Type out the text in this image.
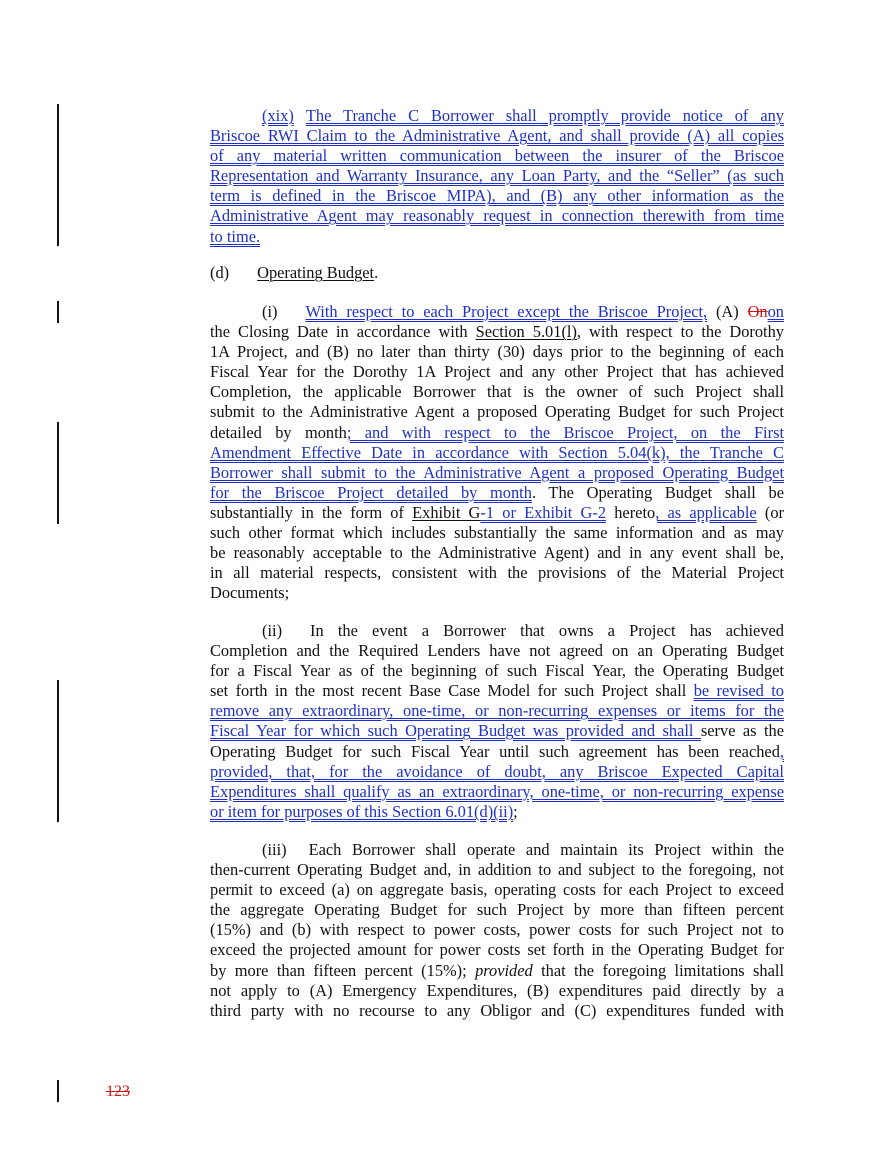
(xix) The Tranche C Borrower shall promptly provide notice of any
Briscoe RWI Claim to the Administrative Agent, and shall provide (A) all copies
of any material written communication between the insurer of the Briscoe
Representation and Warranty Insurance, any Loan Party, and the “Seller” (as such
term is defined in the Briscoe MIPA), and (B) any other information as the
Administrative Agent may reasonably request in connection therewith from time
to time.
(d) Operating Budget.
(i) With respect to each Project except the Briscoe Project, (A) Onon
the Closing Date in accordance with Section 5.01(l), with respect to the Dorothy
1A Project, and (B) no later than thirty (30) days prior to the beginning of each
Fiscal Year for the Dorothy 1A Project and any other Project that has achieved
Completion, the applicable Borrower that is the owner of such Project shall
submit to the Administrative Agent a proposed Operating Budget for such Project
detailed by month; and with respect to the Briscoe Project, on the First
Amendment Effective Date in accordance with Section 5.04(k), the Tranche C
Borrower shall submit to the Administrative Agent a proposed Operating Budget
for the Briscoe Project detailed by month. The Operating Budget shall be
substantially in the form of Exhibit G-1 or Exhibit G-2 hereto, as applicable (or
such other format which includes substantially the same information and as may
be reasonably acceptable to the Administrative Agent) and in any event shall be,
in all material respects, consistent with the provisions of the Material Project
Documents;
(ii) In the event a Borrower that owns a Project has achieved
Completion and the Required Lenders have not agreed on an Operating Budget
for a Fiscal Year as of the beginning of such Fiscal Year, the Operating Budget
set forth in the most recent Base Case Model for such Project shall be revised to
remove any extraordinary, one-time, or non-recurring expenses or items for the
Fiscal Year for which such Operating Budget was provided and shall serve as the
Operating Budget for such Fiscal Year until such agreement has been reached,
provided, that, for the avoidance of doubt, any Briscoe Expected Capital
Expenditures shall qualify as an extraordinary, one-time, or non-recurring expense
or item for purposes of this Section 6.01(d)(ii);
(iii) Each Borrower shall operate and maintain its Project within the
then-current Operating Budget and, in addition to and subject to the foregoing, not
permit to exceed (a) on aggregate basis, operating costs for each Project to exceed
the aggregate Operating Budget for such Project by more than fifteen percent
(15%) and (b) with respect to power costs, power costs for such Project not to
exceed the projected amount for power costs set forth in the Operating Budget for
by more than fifteen percent (15%); provided that the foregoing limitations shall
not apply to (A) Emergency Expenditures, (B) expenditures paid directly by a
third party with no recourse to any Obligor and (C) expenditures funded with
123
